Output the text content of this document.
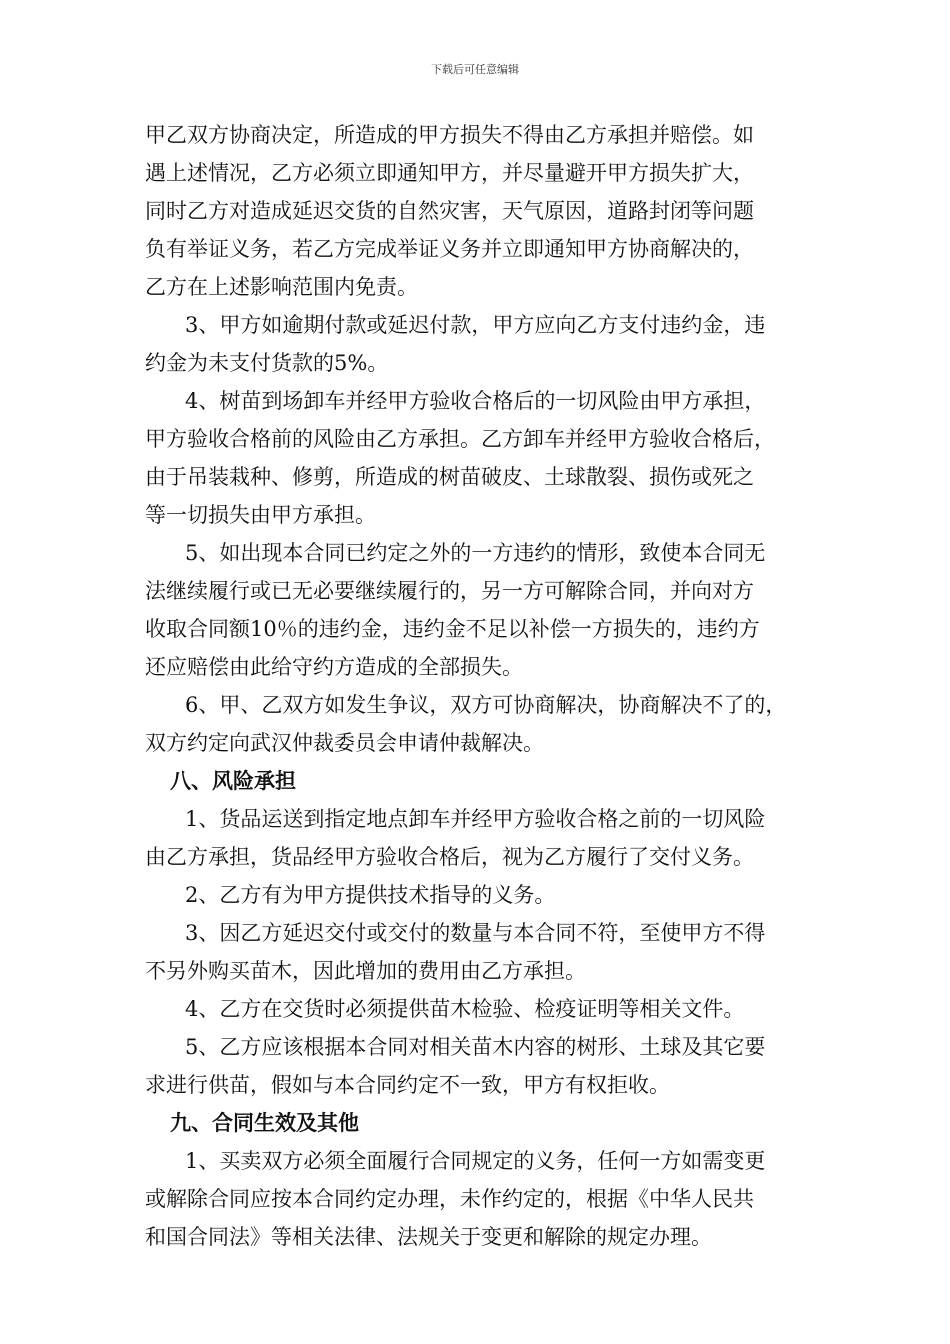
下载后可任意编辑
甲乙双方协商决定，所造成的甲方损失不得由乙方承担并赔偿。如
遇上述情况，乙方必须立即通知甲方，并尽量避开甲方损失扩大，
同时乙方对造成延迟交货的自然灾害，天气原因，道路封闭等问题
负有举证义务，若乙方完成举证义务并立即通知甲方协商解决的，
乙方在上述影响范围内免责。
3、甲方如逾期付款或延迟付款，甲方应向乙方支付违约金，违
约金为未支付货款的5%。
4、树苗到场卸车并经甲方验收合格后的一切风险由甲方承担，
甲方验收合格前的风险由乙方承担。乙方卸车并经甲方验收合格后，
由于吊装栽种、修剪，所造成的树苗破皮、土球散裂、损伤或死之
等一切损失由甲方承担。
5、如出现本合同已约定之外的一方违约的情形，致使本合同无
法继续履行或已无必要继续履行的，另一方可解除合同，并向对方
收取合同额10％的违约金，违约金不足以补偿一方损失的，违约方
还应赔偿由此给守约方造成的全部损失。
6、甲、乙双方如发生争议，双方可协商解决，协商解决不了的，
双方约定向武汉仲裁委员会申请仲裁解决。
八、风险承担
1、货品运送到指定地点卸车并经甲方验收合格之前的一切风险
由乙方承担，货品经甲方验收合格后，视为乙方履行了交付义务。
2、乙方有为甲方提供技术指导的义务。
3、因乙方延迟交付或交付的数量与本合同不符，至使甲方不得
不另外购买苗木，因此增加的费用由乙方承担。
4、乙方在交货时必须提供苗木检验、检疫证明等相关文件。
5、乙方应该根据本合同对相关苗木内容的树形、土球及其它要
求进行供苗，假如与本合同约定不一致，甲方有权拒收。
九、合同生效及其他
1、买卖双方必须全面履行合同规定的义务，任何一方如需变更
或解除合同应按本合同约定办理，未作约定的，根据《中华人民共
和国合同法》等相关法律、法规关于变更和解除的规定办理。
